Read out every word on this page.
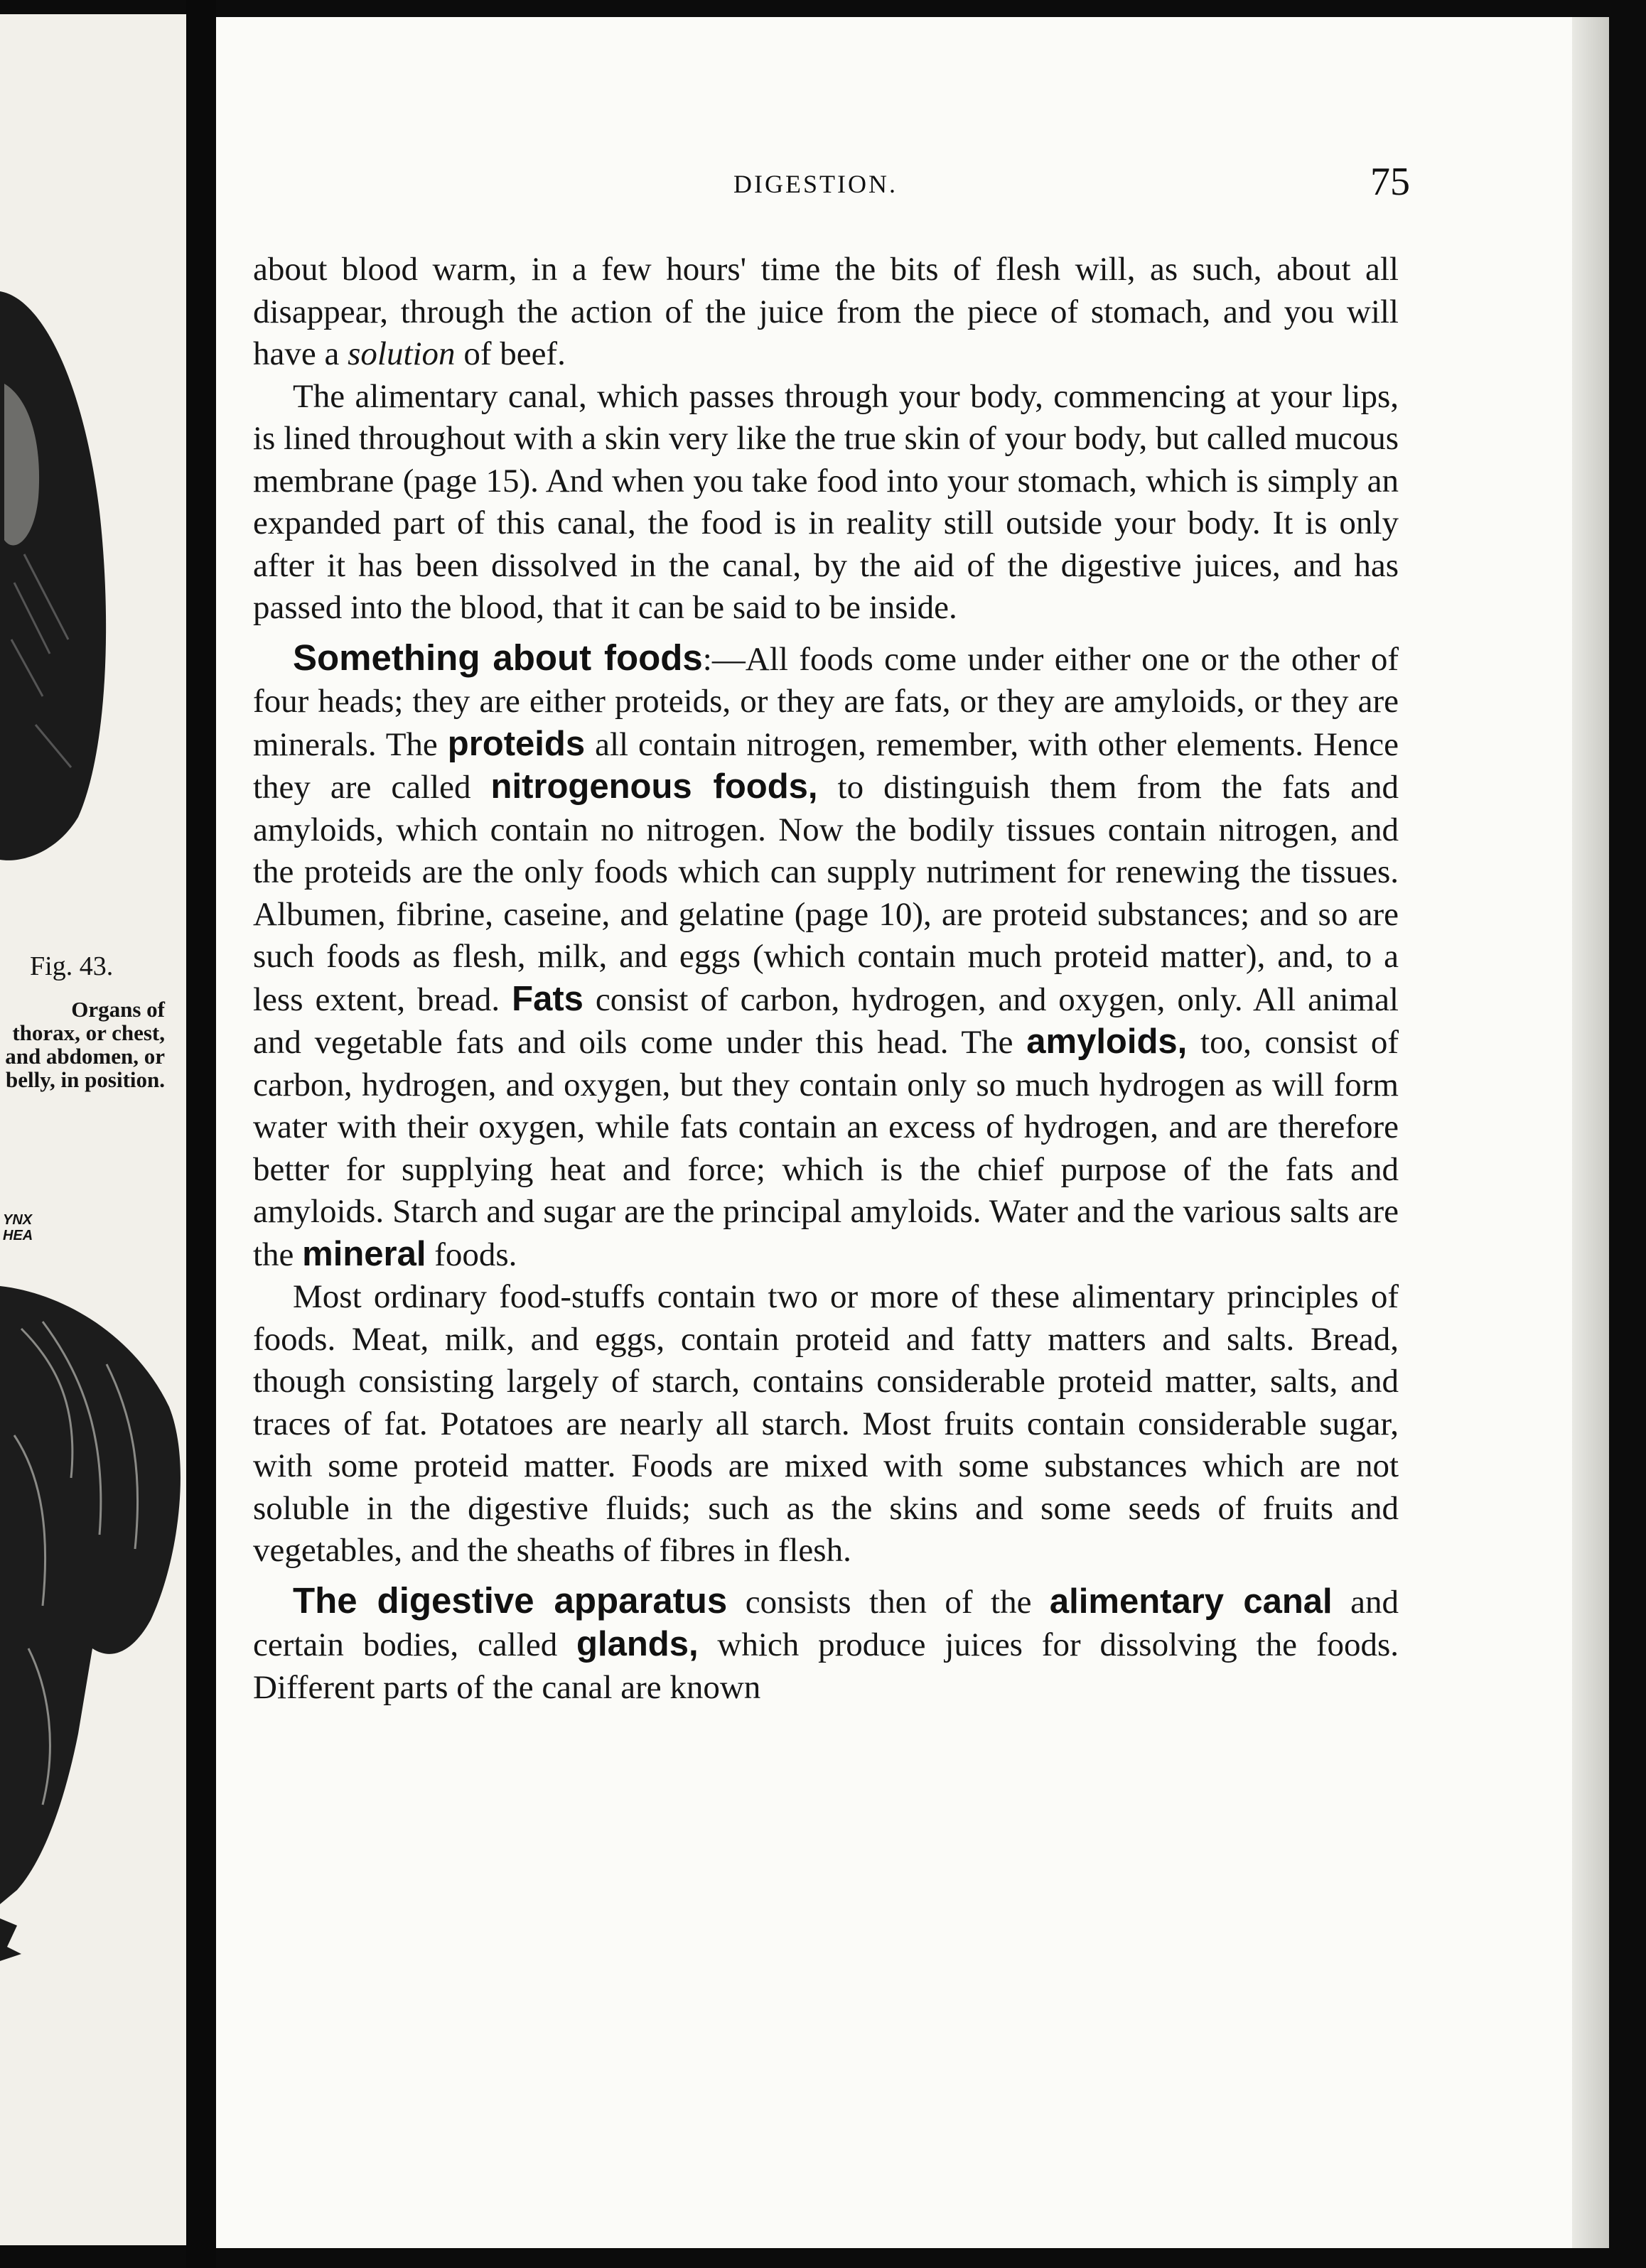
Fig. 43.

Organs of thorax, or chest, and abdomen, or belly, in position.

YNX
HEA
DIGESTION.	75

about blood warm, in a few hours' time the bits of flesh will, as such, about all disappear, through the action of the juice from the piece of stomach, and you will have a solution of beef.

The alimentary canal, which passes through your body, commencing at your lips, is lined throughout with a skin very like the true skin of your body, but called mucous membrane (page 15). And when you take food into your stomach, which is simply an expanded part of this canal, the food is in reality still outside your body. It is only after it has been dissolved in the canal, by the aid of the digestive juices, and has passed into the blood, that it can be said to be inside.

Something about foods:—All foods come under either one or the other of four heads; they are either proteids, or they are fats, or they are amyloids, or they are minerals. The proteids all contain nitrogen, remember, with other elements. Hence they are called nitrogenous foods, to distinguish them from the fats and amyloids, which contain no nitrogen. Now the bodily tissues contain nitrogen, and the proteids are the only foods which can supply nutriment for renewing the tissues. Albumen, fibrine, caseine, and gelatine (page 10), are proteid substances; and so are such foods as flesh, milk, and eggs (which contain much proteid matter), and, to a less extent, bread. Fats consist of carbon, hydrogen, and oxygen, only. All animal and vegetable fats and oils come under this head. The amyloids, too, consist of carbon, hydrogen, and oxygen, but they contain only so much hydrogen as will form water with their oxygen, while fats contain an excess of hydrogen, and are therefore better for supplying heat and force; which is the chief purpose of the fats and amyloids. Starch and sugar are the principal amyloids. Water and the various salts are the mineral foods.

Most ordinary food-stuffs contain two or more of these alimentary principles of foods. Meat, milk, and eggs, contain proteid and fatty matters and salts. Bread, though consisting largely of starch, contains considerable proteid matter, salts, and traces of fat. Potatoes are nearly all starch. Most fruits contain considerable sugar, with some proteid matter. Foods are mixed with some substances which are not soluble in the digestive fluids; such as the skins and some seeds of fruits and vegetables, and the sheaths of fibres in flesh.

The digestive apparatus consists then of the alimentary canal and certain bodies, called glands, which produce juices for dissolving the foods. Different parts of the canal are known
